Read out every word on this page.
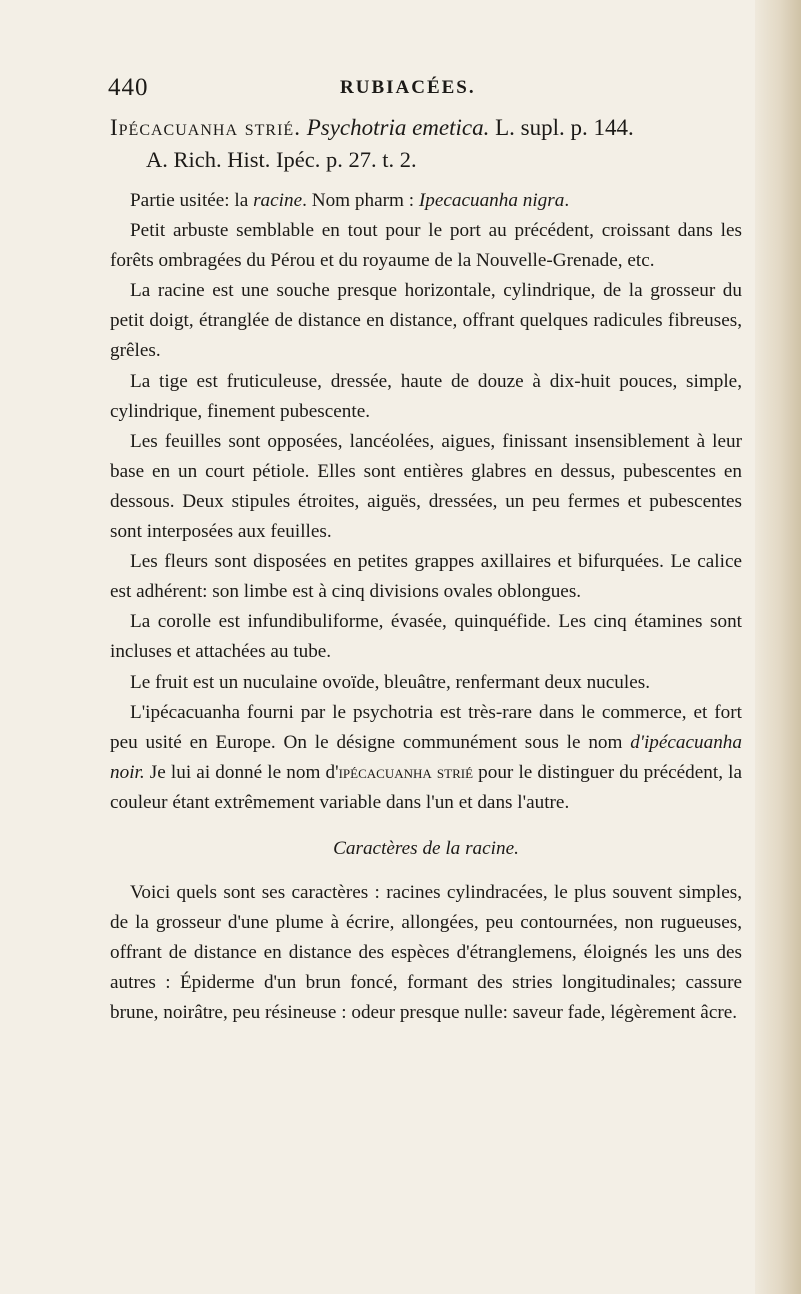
440	RUBIACÉES.

Ipécacuanha strié. Psychotria emetica. L. supl. p. 144.

A. Rich. Hist. Ipéc. p. 27. t. 2.

Partie usitée: la racine. Nom pharm : Ipecacuanha nigra.

Petit arbuste semblable en tout pour le port au précédent, croissant dans les forêts ombragées du Pérou et du royaume de la Nouvelle-Grenade, etc.

La racine est une souche presque horizontale, cylindrique, de la grosseur du petit doigt, étranglée de distance en distance, offrant quelques radicules fibreuses, grêles.

La tige est fruticuleuse, dressée, haute de douze à dix-huit pouces, simple, cylindrique, finement pubescente.

Les feuilles sont opposées, lancéolées, aigues, finissant insensiblement à leur base en un court pétiole. Elles sont entières glabres en dessus, pubescentes en dessous. Deux stipules étroites, aiguës, dressées, un peu fermes et pubescentes sont interposées aux feuilles.

Les fleurs sont disposées en petites grappes axillaires et bifurquées. Le calice est adhérent: son limbe est à cinq divisions ovales oblongues.

La corolle est infundibuliforme, évasée, quinquéfide. Les cinq étamines sont incluses et attachées au tube.

Le fruit est un nuculaine ovoïde, bleuâtre, renfermant deux nucules.

L'ipécacuanha fourni par le psychotria est très-rare dans le commerce, et fort peu usité en Europe. On le désigne communément sous le nom d'ipécacuanha noir. Je lui ai donné le nom d'ipécacuanha strié pour le distinguer du précédent, la couleur étant extrêmement variable dans l'un et dans l'autre.

Caractères de la racine.

Voici quels sont ses caractères : racines cylindracées, le plus souvent simples, de la grosseur d'une plume à écrire, allongées, peu contournées, non rugueuses, offrant de distance en distance des espèces d'étranglemens, éloignés les uns des autres : Épiderme d'un brun foncé, formant des stries longitudinales; cassure brune, noirâtre, peu résineuse : odeur presque nulle: saveur fade, légèrement âcre.
